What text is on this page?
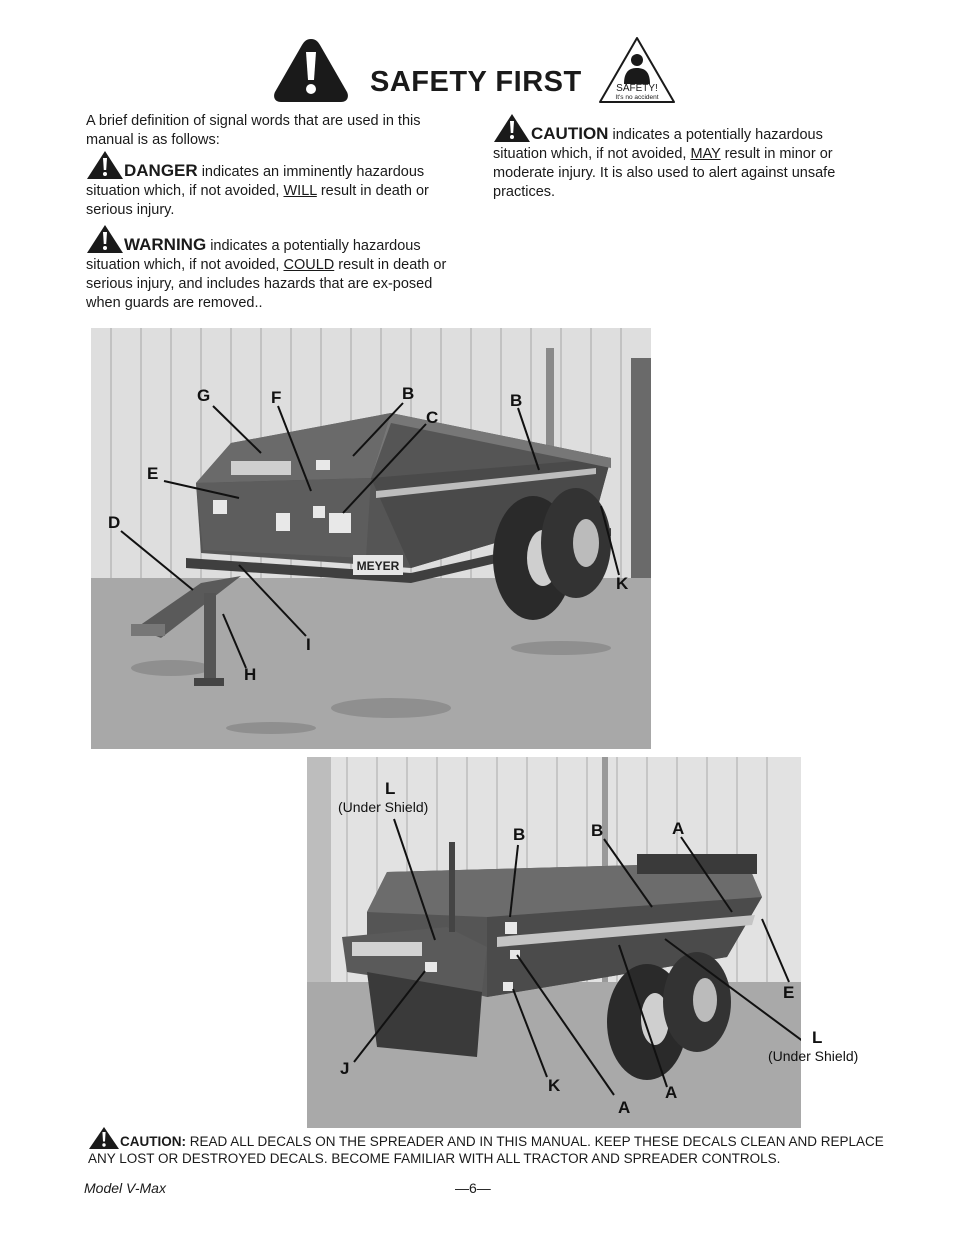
SAFETY FIRST	SAFETY!
It's no accident
A brief definition of signal words that are used in this manual is as follows:
DANGER indicates an imminently hazardous situation which, if not avoided, WILL result in death or serious injury.
WARNING indicates a potentially hazardous situation which, if not avoided, COULD result in death or serious injury, and includes hazards that are ex-posed when guards are removed..
CAUTION indicates a potentially hazardous situation which, if not avoided, MAY result in minor or moderate injury. It is also used to alert against unsafe practices.
MEYER
G	F	B
C
B
E
D
K
I
H
L
(Under Shield)
B	B	A
E
J
K
A
A
L
(Under Shield)
CAUTION: READ ALL DECALS ON THE SPREADER AND IN THIS MANUAL. KEEP THESE DECALS CLEAN AND REPLACE ANY LOST OR DESTROYED DECALS. BECOME FAMILIAR WITH ALL TRACTOR AND SPREADER CONTROLS.
Model V-Max	—6—
